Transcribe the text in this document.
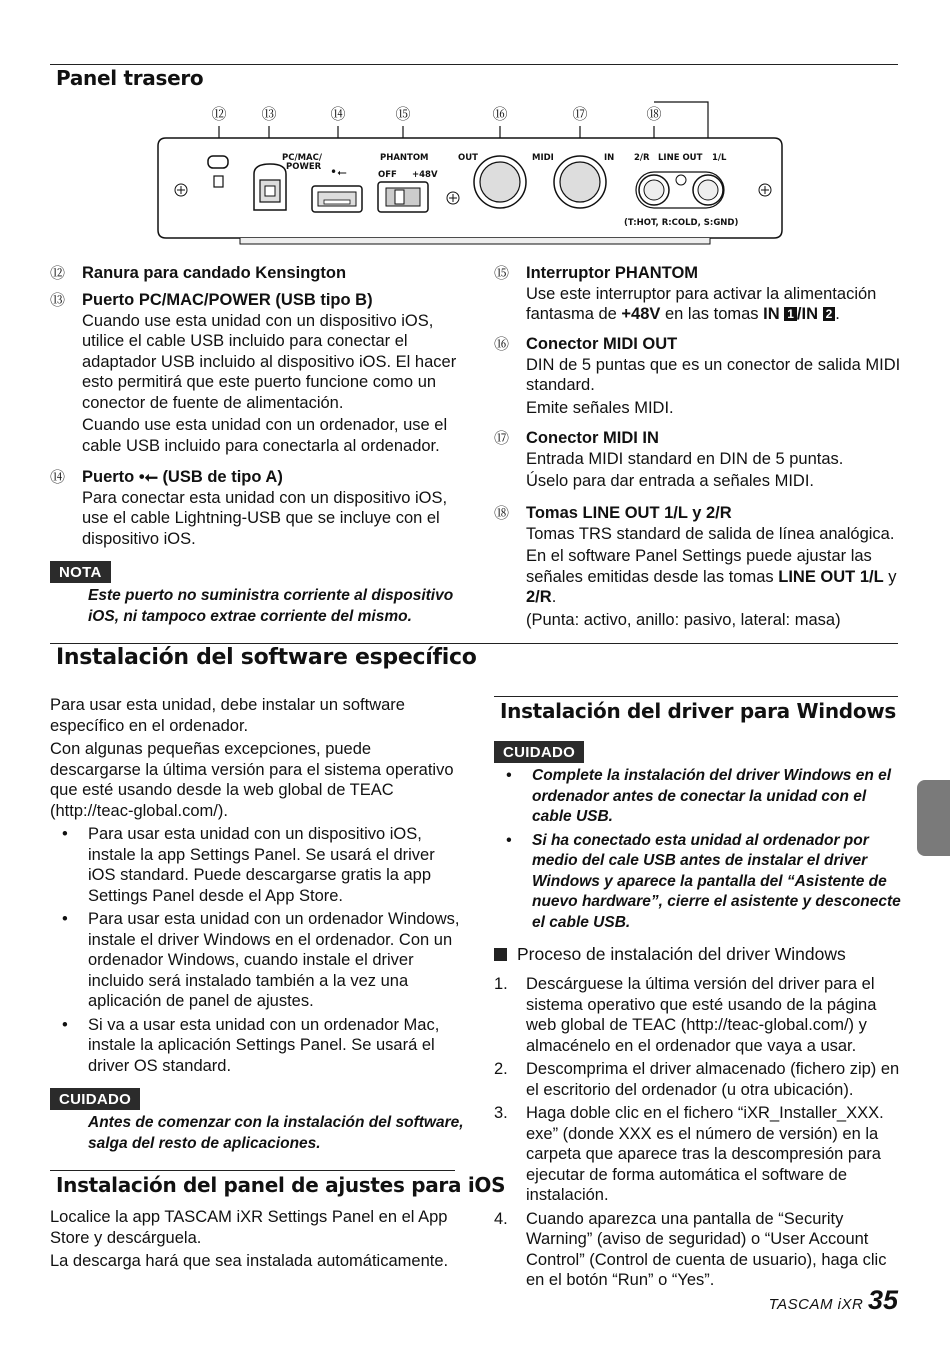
Panel trasero
⑫ ⑬	⑭	⑮	⑯	⑰	⑱
PC/MAC/
POWER
PHANTOM
OFF +48V
OUT	MIDI	IN 2/R LINE OUT 1/L
(T:HOT, R:COLD, S:GND)
•⭠
⑫ Ranura para candado Kensington
⑬ Puerto PC/MAC/POWER (USB tipo B)

Cuando use esta unidad con un dispositivo iOS, utilice el cable USB incluido para conectar el adaptador USB incluido al dispositivo iOS. El hacer esto permitirá que este puerto funcione como un conector de fuente de alimentación.

Cuando use esta unidad con un ordenador, use el cable USB incluido para conectarla al ordenador.

⑭ Puerto •⭠ (USB de tipo A)

Para conectar esta unidad con un dispositivo iOS, use el cable Lightning-USB que se incluye con el dispositivo iOS.

NOTA

Este puerto no suministra corriente al dispositivo iOS, ni tampoco extrae corriente del mismo.

⑮ Interruptor PHANTOM

Use este interruptor para activar la alimentación fantasma de +48V en las tomas IN 1 /IN 2 .

⑯ Conector MIDI OUT

DIN de 5 puntas que es un conector de salida MIDI standard.

Emite señales MIDI.

⑰ Conector MIDI IN

Entrada MIDI standard en DIN de 5 puntas.

Úselo para dar entrada a señales MIDI.

⑱ Tomas LINE OUT 1/L y 2/R

Tomas TRS standard de salida de línea analógica.

En el software Panel Settings puede ajustar las señales emitidas desde las tomas LINE OUT 1/L y 2/R.

(Punta: activo, anillo: pasivo, lateral: masa)

Instalación del software específico

Para usar esta unidad, debe instalar un software específico en el ordenador.

Con algunas pequeñas excepciones, puede descargarse la última versión para el sistema operativo que esté usando desde la web global de TEAC (http://teac-global.com/).

• Para usar esta unidad con un dispositivo iOS, instale la app Settings Panel. Se usará el driver iOS standard. Puede descargarse gratis la app Settings Panel desde el App Store.
• Para usar esta unidad con un ordenador Windows, instale el driver Windows en el ordenador. Con un ordenador Windows, cuando instale el driver incluido será instalado también a la vez una aplicación de panel de ajustes.
• Si va a usar esta unidad con un ordenador Mac, instale la aplicación Settings Panel. Se usará el driver OS standard.
CUIDADO

Antes de comenzar con la instalación del software, salga del resto de aplicaciones.

Instalación del panel de ajustes para iOS

Localice la app TASCAM iXR Settings Panel en el App Store y descárguela.

La descarga hará que sea instalada automáticamente.

Instalación del driver para Windows
CUIDADO
• Complete la instalación del driver Windows en el ordenador antes de conectar la unidad con el cable USB.
• Si ha conectado esta unidad al ordenador por medio del cale USB antes de instalar el driver Windows y aparece la pantalla del “Asistente de nuevo hardware”, cierre el asistente y desconecte el cable USB.
Proceso de instalación del driver Windows
1. Descárguese la última versión del driver para el sistema operativo que esté usando de la página web global de TEAC (http://teac-global.com/) y almacénelo en el ordenador que vaya a usar.
2. Descomprima el driver almacenado (fichero zip) en el escritorio del ordenador (u otra ubicación).
3. Haga doble clic en el fichero “iXR_Installer_XXX. exe” (donde XXX es el número de versión) en la carpeta que aparece tras la descompresión para ejecutar de forma automática el software de instalación.
4. Cuando aparezca una pantalla de “Security Warning” (aviso de seguridad) o “User Account Control” (Control de cuenta de usuario), haga clic en el botón “Run” o “Yes”.
TASCAM iXR 35
